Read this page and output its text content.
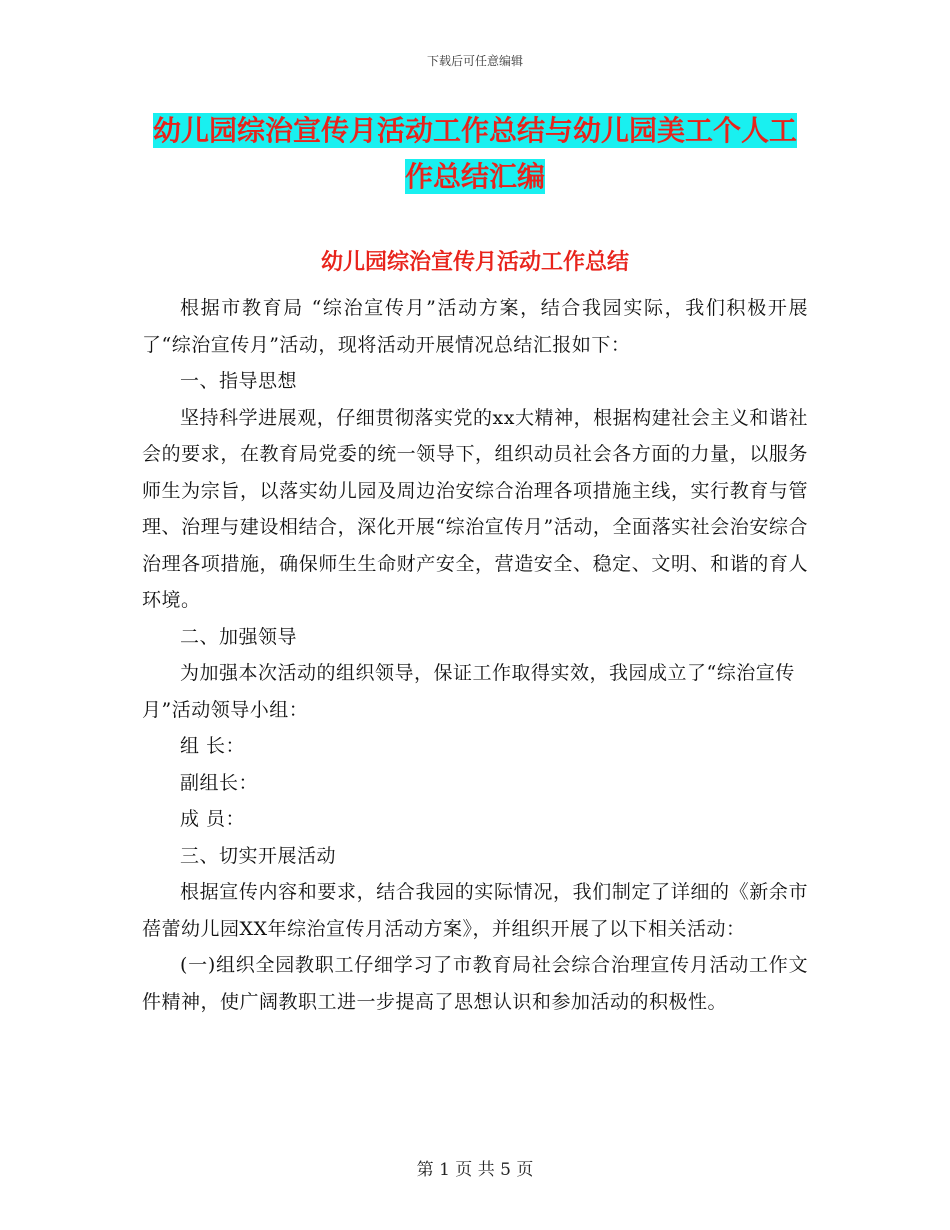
下载后可任意编辑
幼儿园综治宣传月活动工作总结与幼儿园美工个人工作总结汇编
幼儿园综治宣传月活动工作总结

根据市教育局 “综治宣传月”活动方案，结合我园实际，我们积极开展了“综治宣传月”活动，现将活动开展情况总结汇报如下：

一、指导思想

坚持科学进展观，仔细贯彻落实党的xx大精神，根据构建社会主义和谐社会的要求，在教育局党委的统一领导下，组织动员社会各方面的力量，以服务师生为宗旨，以落实幼儿园及周边治安综合治理各项措施主线，实行教育与管理、治理与建设相结合，深化开展“综治宣传月”活动，全面落实社会治安综合治理各项措施，确保师生生命财产安全，营造安全、稳定、文明、和谐的育人环境。

二、加强领导

为加强本次活动的组织领导，保证工作取得实效，我园成立了“综治宣传月”活动领导小组：

组 长：

副组长：

成 员：

三、切实开展活动

根据宣传内容和要求，结合我园的实际情况，我们制定了详细的《新余市蓓蕾幼儿园XX年综治宣传月活动方案》，并组织开展了以下相关活动：

(一)组织全园教职工仔细学习了市教育局社会综合治理宣传月活动工作文件精神，使广阔教职工进一步提高了思想认识和参加活动的积极性。

第 1 页 共 5 页
